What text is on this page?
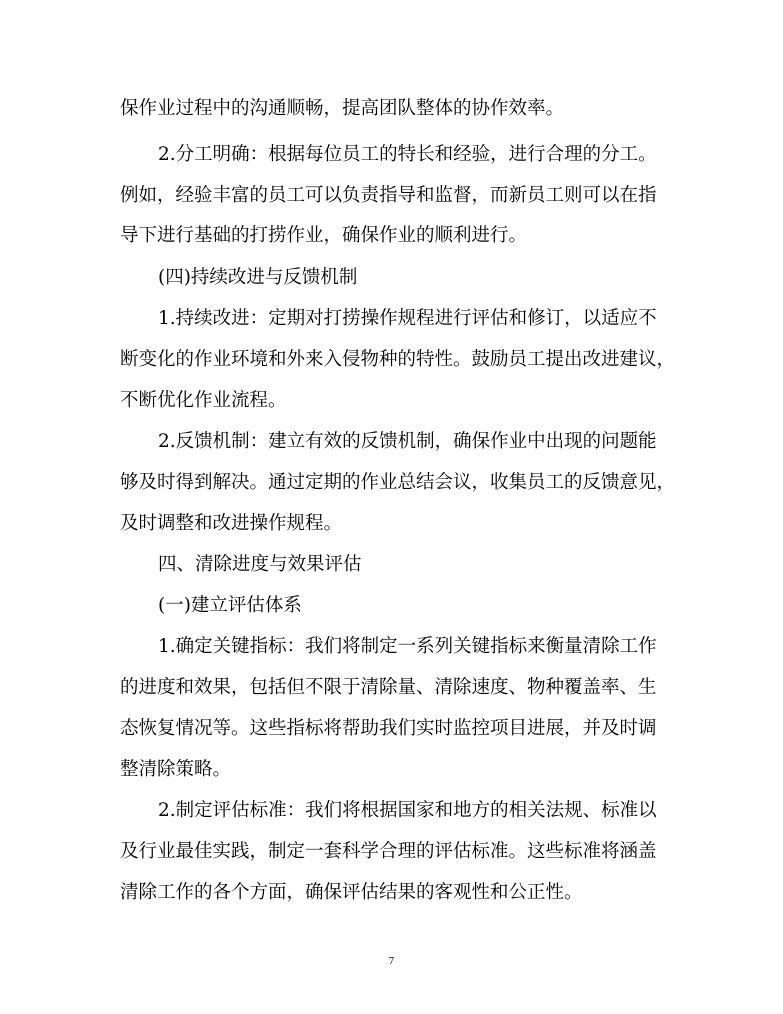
保作业过程中的沟通顺畅，提高团队整体的协作效率。
2.分工明确：根据每位员工的特长和经验，进行合理的分工。
例如，经验丰富的员工可以负责指导和监督，而新员工则可以在指
导下进行基础的打捞作业，确保作业的顺利进行。
(四)持续改进与反馈机制
1.持续改进：定期对打捞操作规程进行评估和修订，以适应不
断变化的作业环境和外来入侵物种的特性。鼓励员工提出改进建议，
不断优化作业流程。
2.反馈机制：建立有效的反馈机制，确保作业中出现的问题能
够及时得到解决。通过定期的作业总结会议，收集员工的反馈意见，
及时调整和改进操作规程。
四、清除进度与效果评估
(一)建立评估体系
1.确定关键指标：我们将制定一系列关键指标来衡量清除工作
的进度和效果，包括但不限于清除量、清除速度、物种覆盖率、生
态恢复情况等。这些指标将帮助我们实时监控项目进展，并及时调
整清除策略。
2.制定评估标准：我们将根据国家和地方的相关法规、标准以
及行业最佳实践，制定一套科学合理的评估标准。这些标准将涵盖
清除工作的各个方面，确保评估结果的客观性和公正性。
7
